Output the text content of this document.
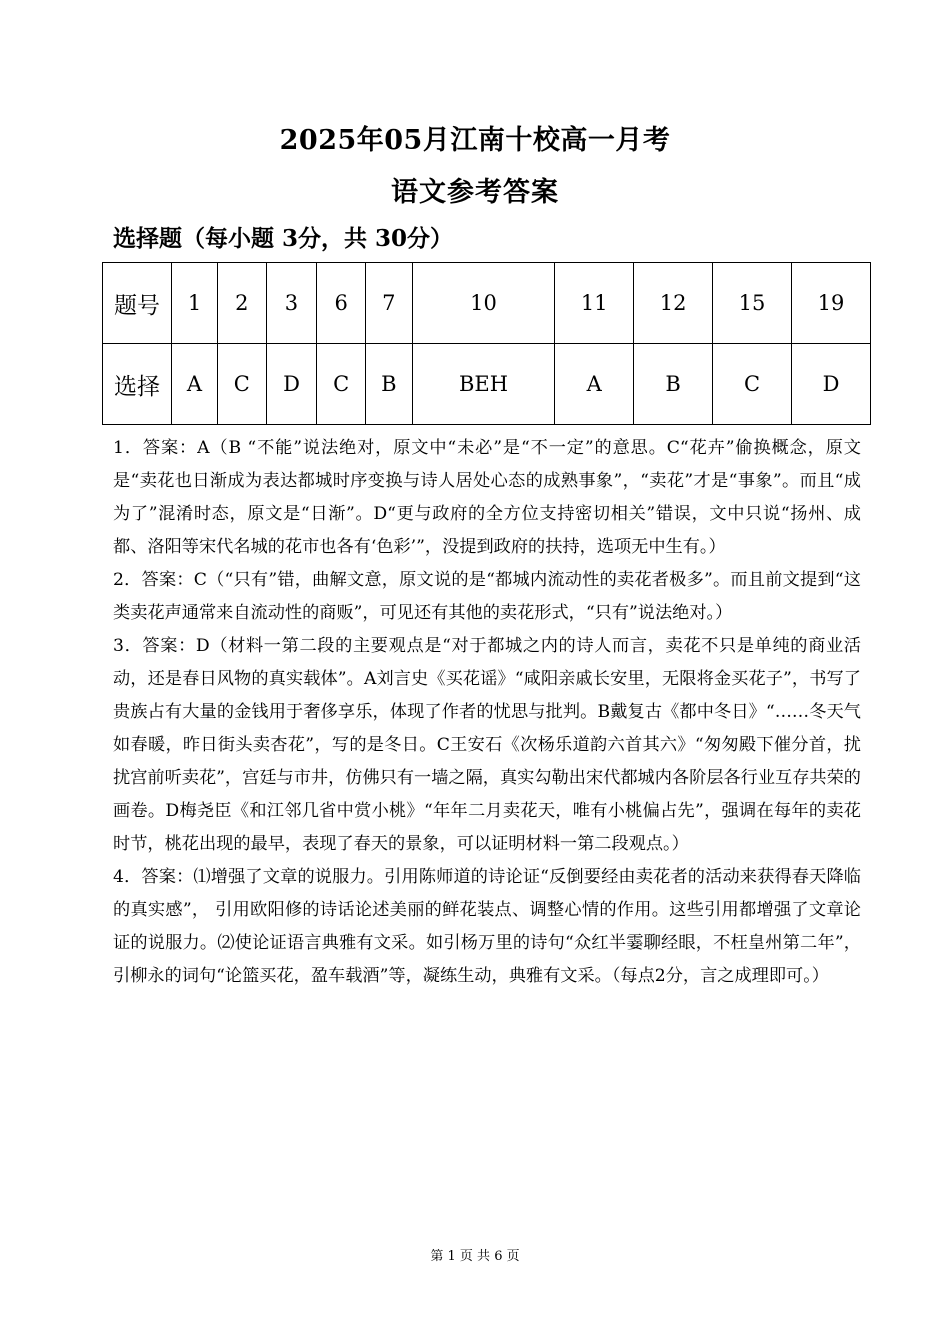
2025年05月江南十校高一月考
语文参考答案
选择题（每小题 3分，共 30分）
题号	1	2	3	6	7	10	11	12	15	19
选择	A	C	D	C	B	BEH	A	B	C	D

1．答案：A（B “不能”说法绝对，原文中“未必”是“不一定”的意思。C“花卉”偷换概念，原文是“卖花也日渐成为表达都城时序变换与诗人居处心态的成熟事象”，“卖花”才是“事象”。而且“成为了”混淆时态，原文是“日渐”。D“更与政府的全方位支持密切相关”错误，文中只说“扬州、成都、洛阳等宋代名城的花市也各有‘色彩’”，没提到政府的扶持，选项无中生有。）

2．答案：C（“只有”错，曲解文意，原文说的是“都城内流动性的卖花者极多”。而且前文提到“这类卖花声通常来自流动性的商贩”，可见还有其他的卖花形式，“只有”说法绝对。）

3．答案：D（材料一第二段的主要观点是“对于都城之内的诗人而言，卖花不只是单纯的商业活动，还是春日风物的真实载体”。A刘言史《买花谣》“咸阳亲戚长安里，无限将金买花子”，书写了贵族占有大量的金钱用于奢侈享乐，体现了作者的忧思与批判。B戴复古《都中冬日》“……冬天气如春暖，昨日街头卖杏花”，写的是冬日。C王安石《次杨乐道韵六首其六》“匆匆殿下催分首，扰扰宫前听卖花”，宫廷与市井，仿佛只有一墙之隔，真实勾勒出宋代都城内各阶层各行业互存共荣的画卷。D梅尧臣《和江邻几省中赏小桃》“年年二月卖花天，唯有小桃偏占先”，强调在每年的卖花时节，桃花出现的最早，表现了春天的景象，可以证明材料一第二段观点。）

4．答案：⑴增强了文章的说服力。引用陈师道的诗论证“反倒要经由卖花者的活动来获得春天降临的真实感”， 引用欧阳修的诗话论述美丽的鲜花装点、调整心情的作用。这些引用都增强了文章论证的说服力。⑵使论证语言典雅有文采。如引杨万里的诗句“众红半霎聊经眼，不枉皇州第二年”，引柳永的词句“论篮买花，盈车载酒”等，凝练生动，典雅有文采。（每点2分，言之成理即可。）

第 1 页 共 6 页
